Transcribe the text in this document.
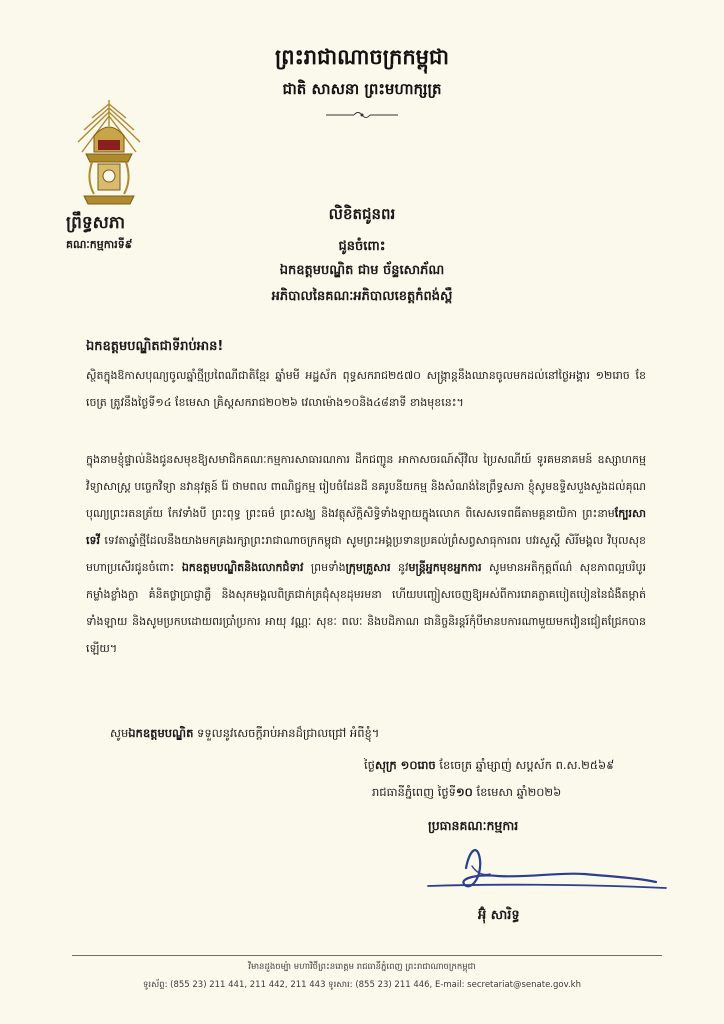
ព្រះរាជាណាចក្រកម្ពុជា
ជាតិ សាសនា ព្រះមហាក្សត្រ
ព្រឹទ្ធសភា
គណៈកម្មការទី៩
លិខិតជូនពរ
ជូនចំពោះ
ឯកឧត្តមបណ្ឌិត ជាម ច័ន្ទសោភ័ណ
អភិបាលនៃគណៈអភិបាលខេត្តកំពង់ស្ពឺ
ឯកឧត្តមបណ្ឌិតជាទីរាប់អាន!
ស្ថិតក្នុងឱកាសបុណ្យចូលឆ្នាំថ្មីប្រពៃណីជាតិខ្មែរ ឆ្នាំមមី អដ្ឋស័ក ពុទ្ធសករាជ២៥៧០ សង្ក្រាន្តនឹងឈានចូលមកដល់នៅថ្ងៃអង្គារ ១២រោច ខែចេត្រ ត្រូវនឹងថ្ងៃទី១៤ ខែមេសា គ្រិស្តសករាជ២០២៦ វេលាម៉ោង១០និង៤៨នាទី ខាងមុខនេះ។
ក្នុងនាមខ្ញុំផ្ទាល់និងជូនសមុខឱ្យសមាជិកគណៈកម្មការសាធារណការ ដឹកជញ្ជូន អាកាសចរណ៍ស៊ីវិល ប្រៃសណីយ៍ ទូរគមនាគមន៍ ឧស្សាហកម្ម វិទ្យាសាស្ត្រ បច្ចេកវិទ្យា នវានុវត្តន៍ រ៉ែ ថាមពល ពាណិជ្ជកម្ម រៀបចំដែនដី នគរូបនីយកម្ម និងសំណង់នៃព្រឹទ្ធសភា ខ្ញុំសូមឧទ្ទិសបួងសួងដល់គុណបុណ្យព្រះរតនត្រ័យ កែវទាំងបី ព្រះពុទ្ធ ព្រះធម៌ ព្រះសង្ឃ និងវត្ថុស័ក្តិសិទ្ធិទាំងឡាយក្នុងលោក ពិសេសទេពធីតាមគ្គនាយិកា ព្រះនាមក្បែរសាទេវី ទេវតាឆ្នាំថ្មីដែលនឹងយាងមកគ្រងរក្សាព្រះរាជាណាចក្រកម្ពុជា សូមព្រះអង្គប្រទានប្រគល់ព្រំសព្វសាធុការពរ បវរសួស្តី សិរីមង្គល វិបុលសុខ មហាប្រសើរជូនចំពោះ ឯកឧត្តមបណ្ឌិតនិងលោកជំទាវ ព្រមទាំងក្រុមគ្រួសារ នូវមន្ត្រីអ្នកមុខអ្នកការ សូមមានអតិកុត្តព័ណ៌ សុខភាពល្អបរិបូរ កម្លាំងខ្លាំងក្លា គំនិតថ្លាប្រាជ្ញាភ្លឺ និងសុភមង្គលពិត្រជាក់ត្រជុំសុខដុមរមនា ហើយបញ្ចៀសចេញឱ្យអស់ពីការរោគភ្លាគបៀតបៀននៃជំងឺតម្កាត់ទាំងឡាយ និងសូមប្រកបដោយពរប្រាំប្រការ អាយុ វណ្ណៈ សុខៈ ពលៈ និងបដិភាណ ជានិច្ចនិរន្តរ៍កុំបីមានបការណាមួយមកវៀនជៀតជ្រែកបានឡើយ។
សូមឯកឧត្តមបណ្ឌិត ទទួលនូវសេចក្តីរាប់អានដ៏ជ្រាលជ្រៅ អំពីខ្ញុំ។
ថ្ងៃសុក្រ ១០រោច ខែចេត្រ ឆ្នាំម្សាញ់ សប្តស័ក ព.ស.២៥៦៩
រាជធានីភ្នំពេញ ថ្ងៃទី១០ ខែមេសា ឆ្នាំ២០២៦
ប្រធានគណៈកម្មការ
អ៊ុំ សារិទ្ធ
វិមានដួងចម្ប៉ា មហាវិថីព្រះនរោត្តម រាជធានីភ្នំពេញ ព្រះរាជាណាចក្រកម្ពុជា
ទូរស័ព្ទ: (855 23) 211 441, 211 442, 211 443 ទូរសារ: (855 23) 211 446, E-mail: secretariat@senate.gov.kh
